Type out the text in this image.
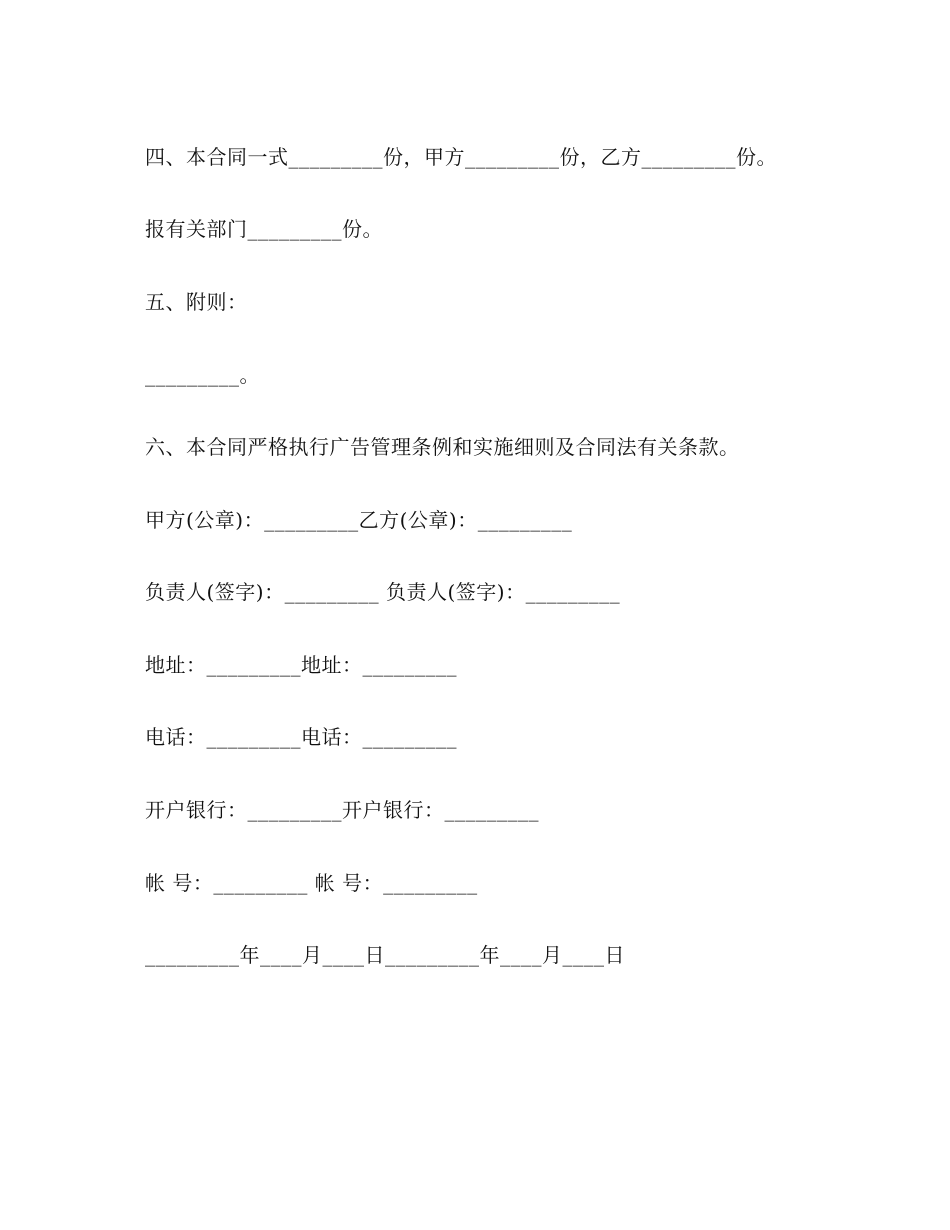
四、本合同一式_________份，甲方_________份，乙方_________份。
报有关部门_________份。
五、附则：
_________。
六、本合同严格执行广告管理条例和实施细则及合同法有关条款。
甲方(公章)：_________乙方(公章)：_________
负责人(签字)：_________ 负责人(签字)：_________
地址：_________地址：_________
电话：_________电话：_________
开户银行：_________开户银行：_________
帐 号：_________ 帐 号：_________
_________年____月____日_________年____月____日
